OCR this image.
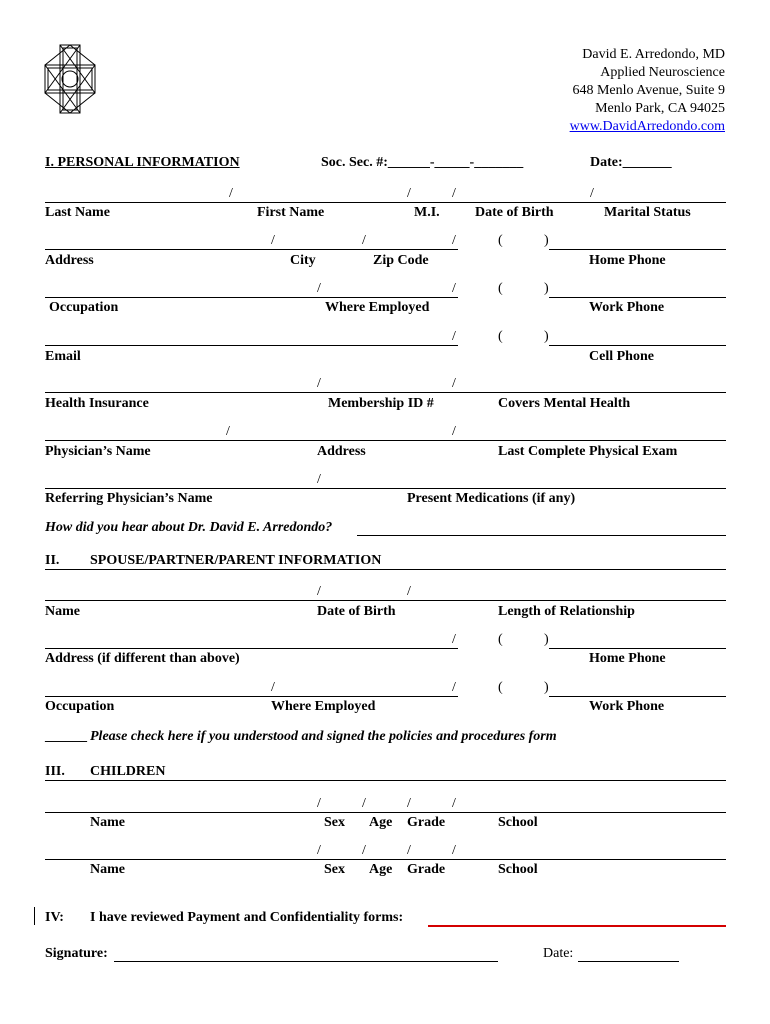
David E. Arredondo, MD
Applied Neuroscience
648 Menlo Avenue, Suite 9
Menlo Park, CA 94025
www.DavidArredondo.com
I. PERSONAL INFORMATION	Soc. Sec. #:______-_____-_______	Date:_______
/	/	/	/
Last Name	First Name	M.I.	Date of Birth	Marital Status
/	/	/	(	)
Address	City	Zip Code	Home Phone
/	/	(	)
Occupation	Where Employed	Work Phone
/	(	)
Email	Cell Phone
/	/
Health Insurance	Membership ID #	Covers Mental Health
/	/
Physician’s Name	Address	Last Complete Physical Exam
/
Referring Physician’s Name	Present Medications (if any)
How did you hear about Dr. David E. Arredondo?
II. SPOUSE/PARTNER/PARENT INFORMATION
/	/
Name	Date of Birth	Length of Relationship
/	(	)
Address (if different than above)	Home Phone
/	/	(	)
Occupation	Where Employed	Work Phone
______ Please check here if you understood and signed the policies and procedures form
III. CHILDREN
/	/	/	/
Name	Sex Age Grade	School
/	/	/	/
Name	Sex Age Grade	School
IV: I have reviewed Payment and Confidentiality forms:
Signature:	Date:
